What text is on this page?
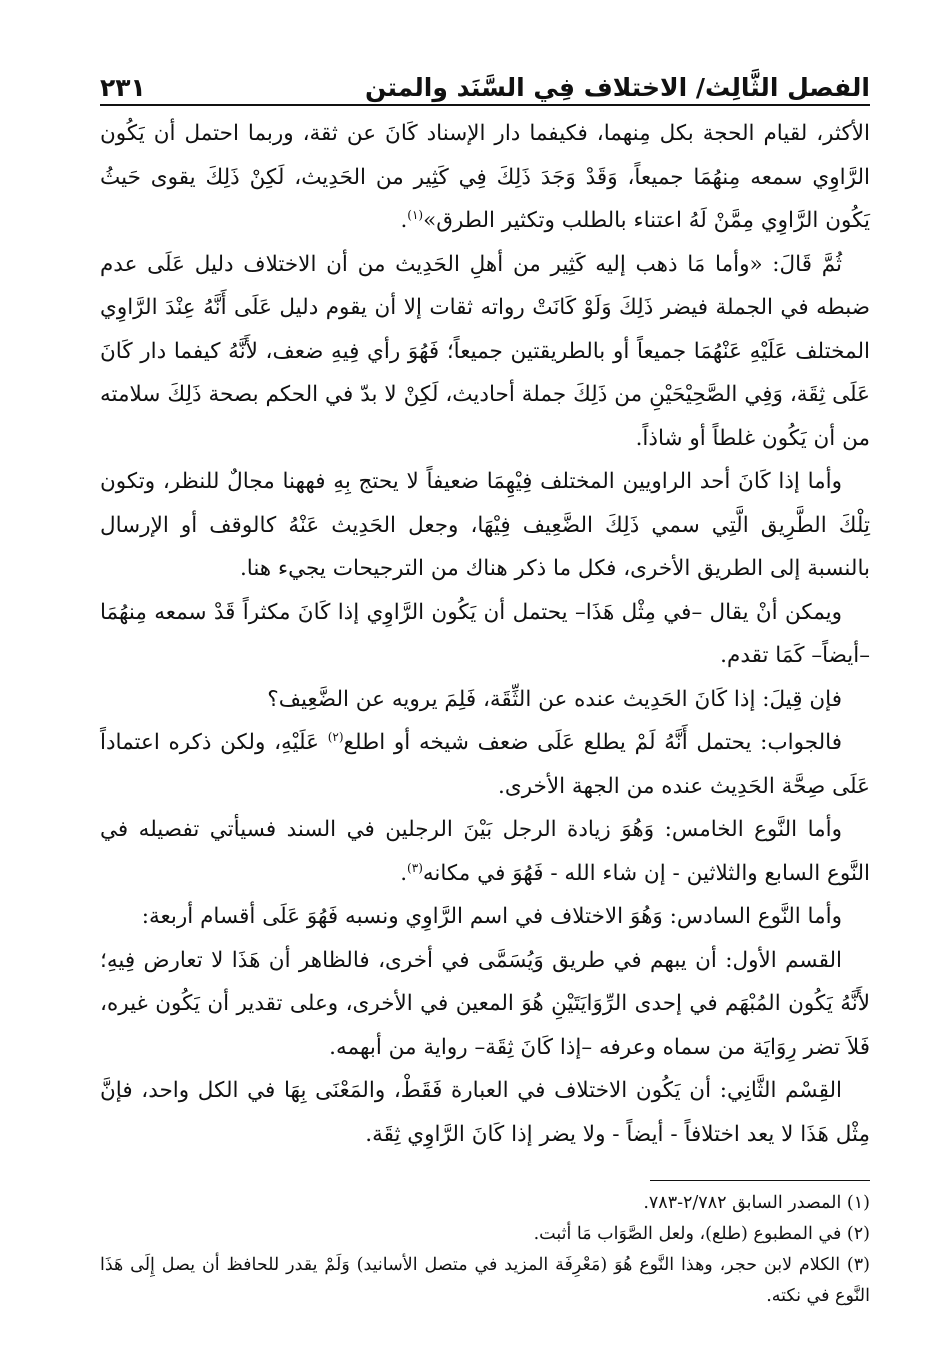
الفصل الثَّالِث/ الاختلاف فِي السَّنَد والمتن
٢٣١

الأكثر، لقيام الحجة بكل مِنهما، فكيفما دار الإسناد كَانَ عن ثقة، وربما احتمل أن يَكُون الرَّاوِي سمعه مِنهُمَا جميعاً، وَقَدْ وَجَدَ ذَلِكَ فِي كَثِير من الحَدِيث، لَكِنْ ذَلِكَ يقوى حَيثُ يَكُون الرَّاوِي مِمَّنْ لَهُ اعتناء بالطلب وتكثير الطرق»$^{(١)}$.

ثُمَّ قَالَ: «وأما مَا ذهب إليه كَثِير من أهلِ الحَدِيث من أن الاختلاف دليل عَلَى عدم ضبطه في الجملة فيضر ذَلِكَ وَلَوْ كَانَتْ رواته ثقات إلا أن يقوم دليل عَلَى أَنَّهُ عِنْدَ الرَّاوِي المختلف عَلَيْهِ عَنْهُمَا جميعاً أو بالطريقتين جميعاً؛ فَهُوَ رأي فِيهِ ضعف، لأَنَّهُ كيفما دار كَانَ عَلَى ثِقَة، وَفِي الصَّحِيْحَيْنِ من ذَلِكَ جملة أحاديث، لَكِنْ لا بدّ في الحكم بصحة ذَلِكَ سلامته من أن يَكُون غلطاً أو شاذاً.

وأما إذا كَانَ أحد الراويين المختلف فِيْهِمَا ضعيفاً لا يحتج بِهِ فههنا مجالٌ للنظر، وتكون تِلْكَ الطَّرِيق الَّتِي سمي ذَلِكَ الضَّعِيف فِيْهَا، وجعل الحَدِيث عَنْهُ كالوقف أو الإرسال بالنسبة إلى الطريق الأخرى، فكل ما ذكر هناك من الترجيحات يجيء هنا.

ويمكن أنْ يقال –في مِثْل هَذَا– يحتمل أن يَكُون الرَّاوِي إذا كَانَ مكثراً قَدْ سمعه مِنهُمَا –أيضاً– كَمَا تقدم.

فإن قِيلَ: إذا كَانَ الحَدِيث عنده عن الثِّقَة، فَلِمَ يرويه عن الضَّعِيف؟

فالجواب: يحتمل أَنَّهُ لَمْ يطلع عَلَى ضعف شيخه أو اطلع$^{(٢)}$ عَلَيْهِ، ولكن ذكره اعتماداً عَلَى صِحَّة الحَدِيث عنده من الجهة الأخرى.

وأما النَّوع الخامس: وَهُوَ زيادة الرجل بَيْنَ الرجلين في السند فسيأتي تفصيله في النَّوع السابع والثلاثين - إن شاء الله - فَهُوَ في مكانه$^{(٣)}$.

وأما النَّوع السادس: وَهُوَ الاختلاف في اسم الرَّاوِي ونسبه فَهُوَ عَلَى أقسام أربعة:

القسم الأول: أن يبهم في طريق وَيُسَمَّى في أخرى، فالظاهر أن هَذَا لا تعارض فِيهِ؛ لأَنَّهُ يَكُون المُبْهَم في إحدى الرِّوَايَتَيْنِ هُوَ المعين في الأخرى، وعلى تقدير أن يَكُون غيره، فَلاَ تضر رِوَايَة من سماه وعرفه –إذا كَانَ ثِقَة– رواية من أبهمه.

القِسْم الثَّانِي: أن يَكُون الاختلاف في العبارة فَقَطْ، والمَعْنَى بِهَا في الكل واحد، فإنَّ مِثْل هَذَا لا يعد اختلافاً - أيضاً - ولا يضر إذا كَانَ الرَّاوِي ثِقَة.

(١) المصدر السابق ٢/٧٨٢-٧٨٣.

(٢) في المطبوع (طلع)، ولعل الصَّوَاب مَا أثبت.

(٣) الكلام لابن حجر، وهذا النَّوع هُوَ (مَعْرِفَة المزيد في متصل الأسانيد) وَلَمْ يقدر للحافظ أن يصل إِلَى هَذَا النَّوع في نكته.
